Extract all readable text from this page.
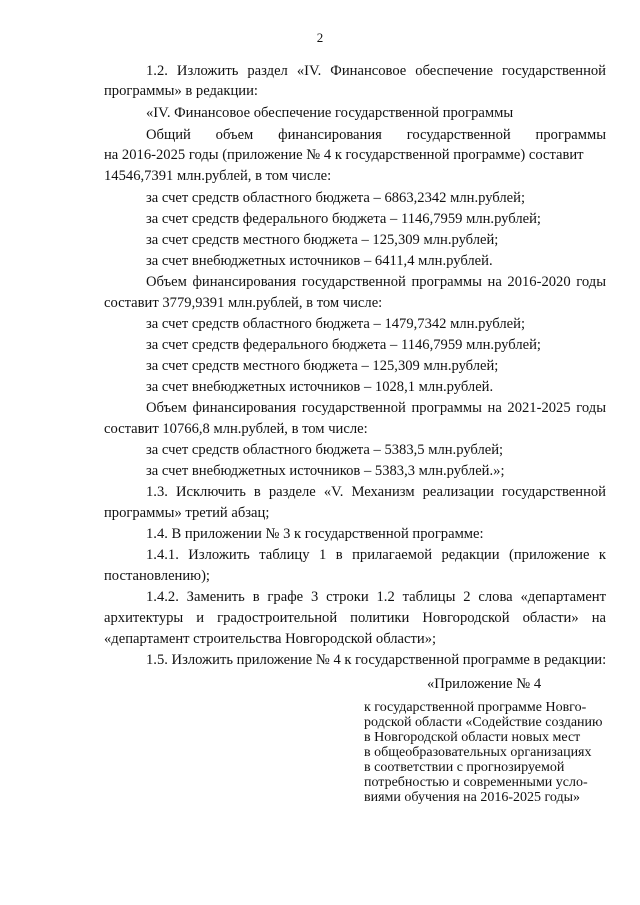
2
1.2. Изложить раздел «IV. Финансовое обеспечение государственной
программы» в редакции:
«IV. Финансовое обеспечение государственной программы
Общий объем финансирования государственной программы
на 2016-2025 годы (приложение № 4 к государственной программе) составит
14546,7391 млн.рублей, в том числе:
за счет средств областного бюджета – 6863,2342 млн.рублей;
за счет средств федерального бюджета – 1146,7959 млн.рублей;
за счет средств местного бюджета – 125,309 млн.рублей;
за счет внебюджетных источников – 6411,4 млн.рублей.
Объем финансирования государственной программы на 2016-2020 годы
составит 3779,9391 млн.рублей, в том числе:
за счет средств областного бюджета – 1479,7342 млн.рублей;
за счет средств федерального бюджета – 1146,7959 млн.рублей;
за счет средств местного бюджета – 125,309 млн.рублей;
за счет внебюджетных источников – 1028,1 млн.рублей.
Объем финансирования государственной программы на 2021-2025 годы
составит 10766,8 млн.рублей, в том числе:
за счет средств областного бюджета – 5383,5 млн.рублей;
за счет внебюджетных источников – 5383,3 млн.рублей.»;
1.3. Исключить в разделе «V. Механизм реализации государственной
программы» третий абзац;
1.4. В приложении № 3 к государственной программе:
1.4.1. Изложить таблицу 1 в прилагаемой редакции (приложение к
постановлению);
1.4.2. Заменить в графе 3 строки 1.2 таблицы 2 слова «департамент
архитектуры и градостроительной политики Новгородской области» на
«департамент строительства Новгородской области»;
1.5. Изложить приложение № 4 к государственной программе в редакции:
«Приложение № 4
к государственной программе Новго-
родской области «Содействие созданию
в Новгородской области новых мест
в общеобразовательных организациях
в соответствии с прогнозируемой
потребностью и современными усло-
виями обучения на 2016-2025 годы»
